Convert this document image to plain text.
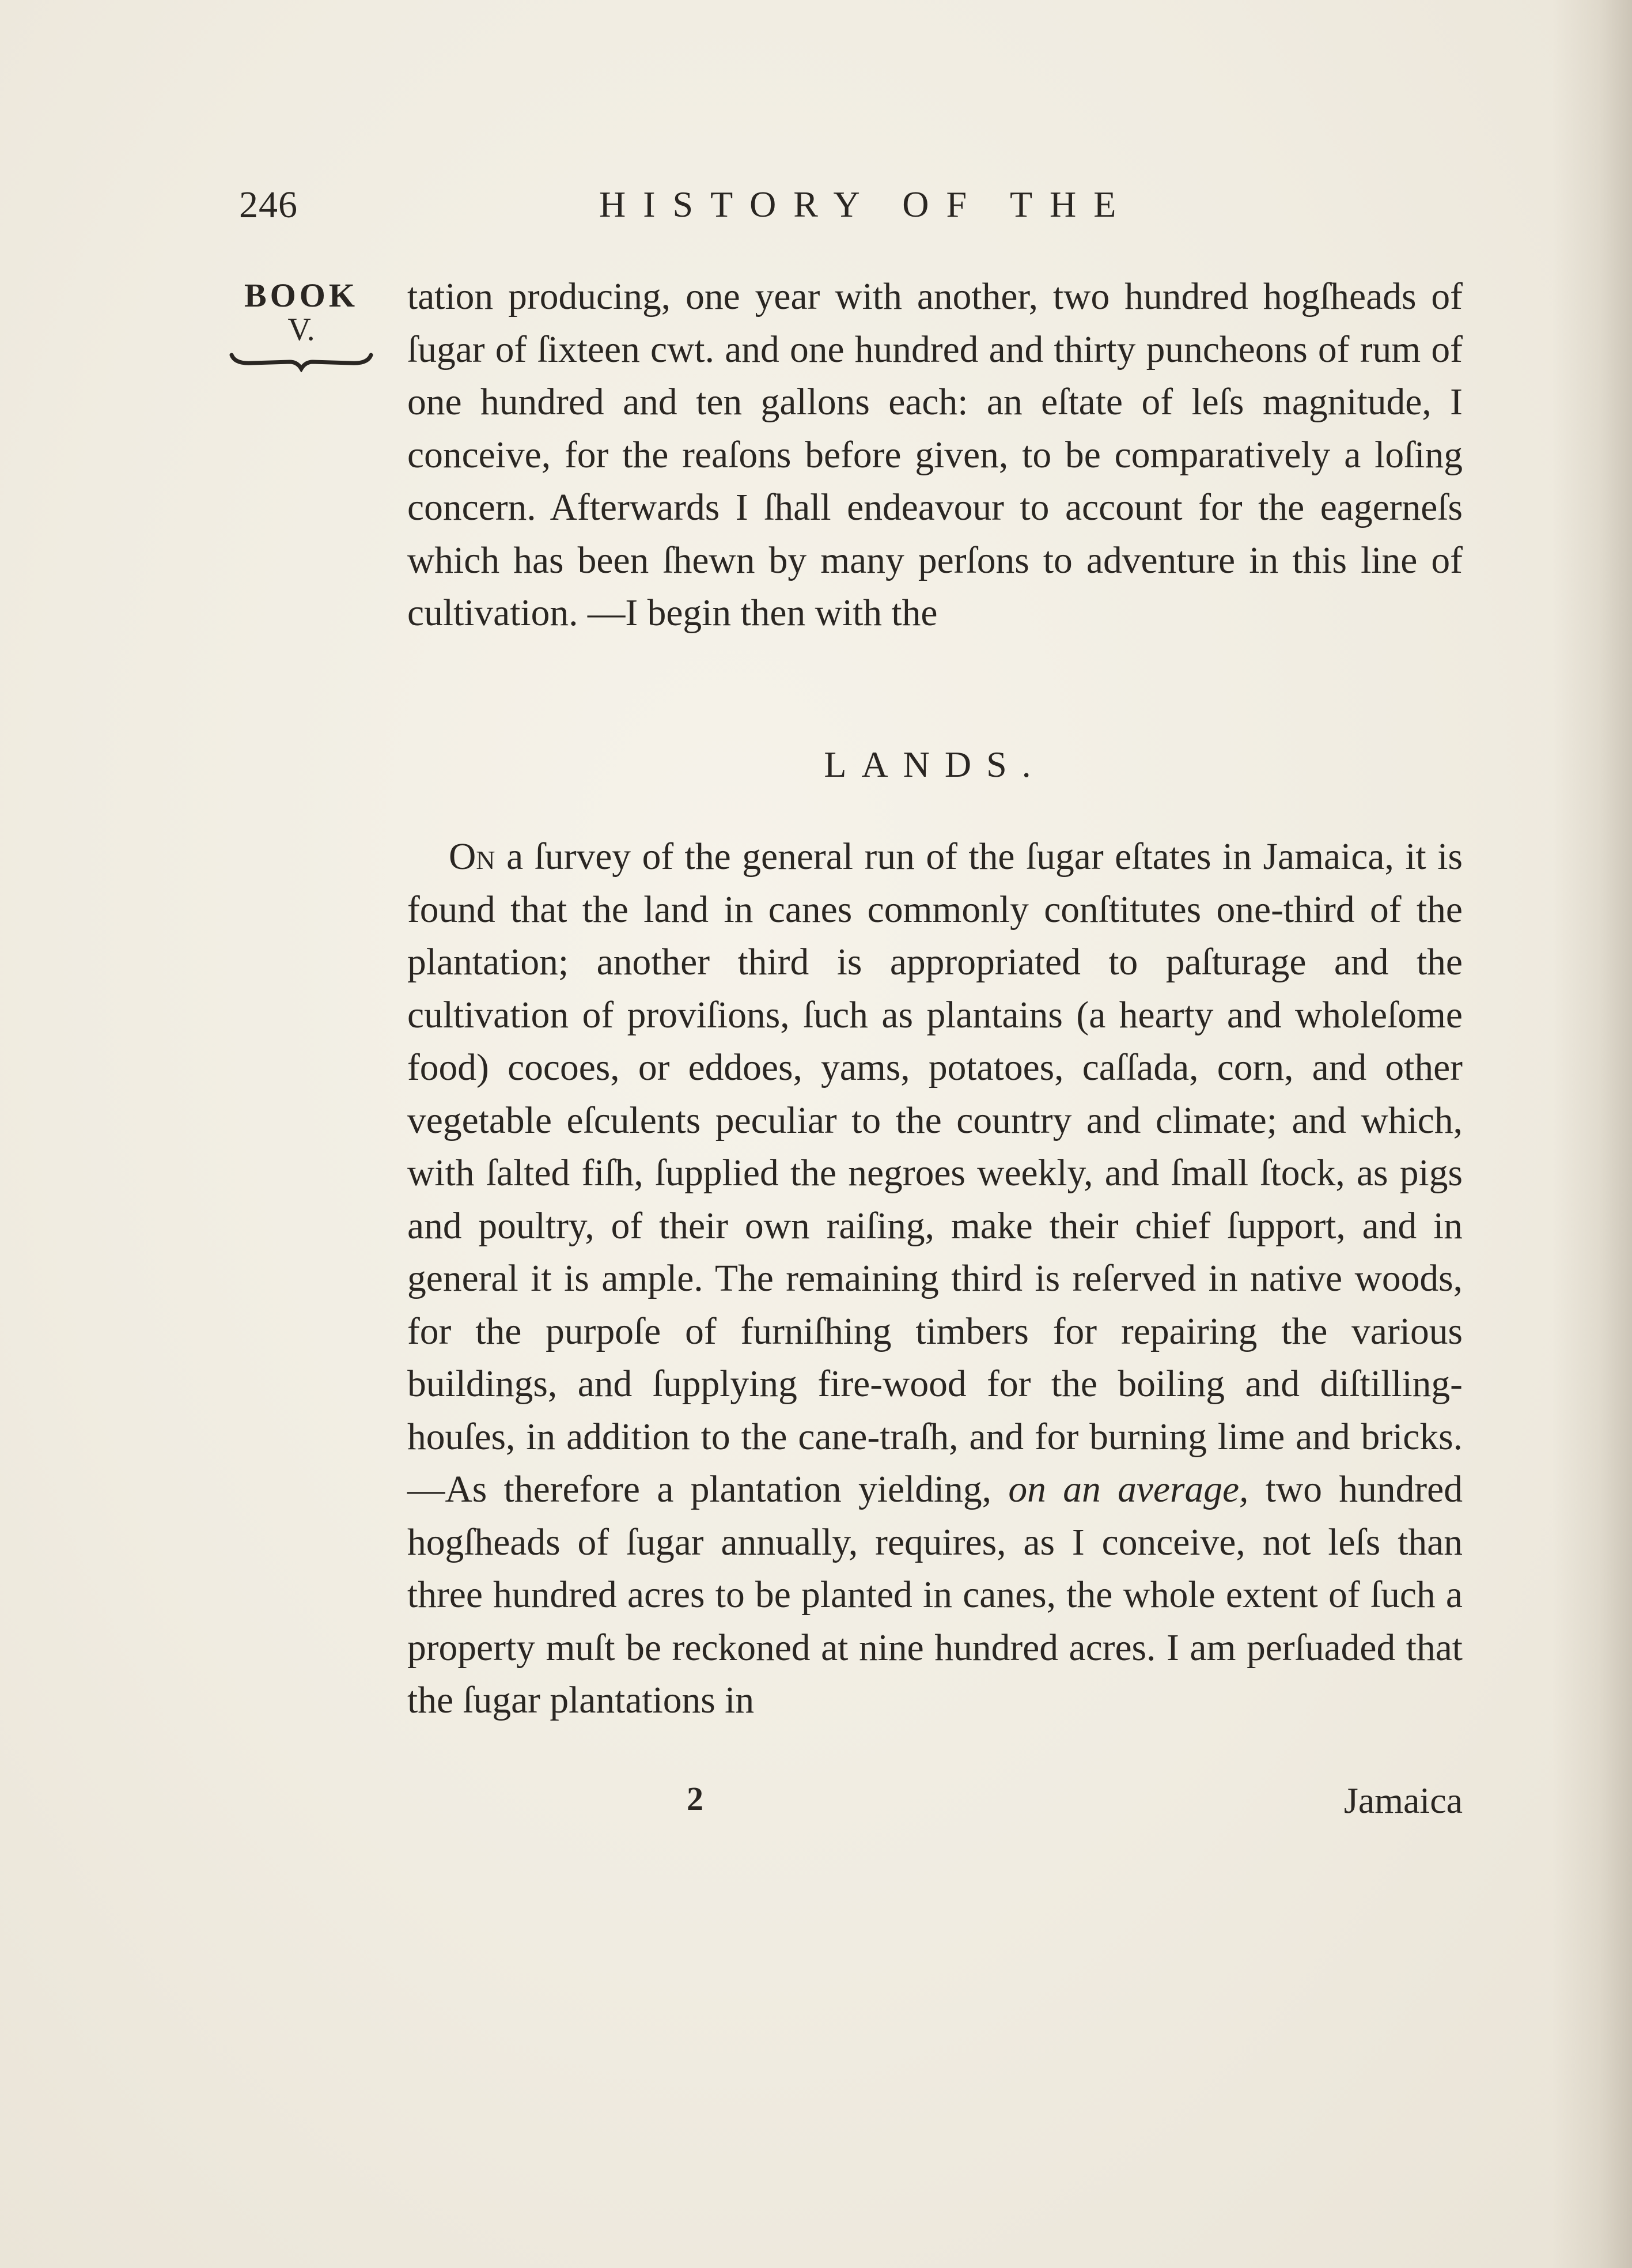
246	HISTORY OF THE
BOOK
V.
tation producing, one year with another, two hundred hogſheads of ſugar of ſixteen cwt. and one hundred and thirty puncheons of rum of one hundred and ten gallons each: an eſtate of leſs magnitude, I conceive, for the reaſons before given, to be comparatively a loſing concern. Afterwards I ſhall endeavour to account for the eagerneſs which has been ſhewn by many perſons to adventure in this line of cultivation. —I begin then with the
LANDS.
On a ſurvey of the general run of the ſugar eſtates in Jamaica, it is found that the land in canes commonly conſtitutes one-third of the plantation; another third is appropriated to paſturage and the cultivation of proviſions, ſuch as plantains (a hearty and wholeſome food) cocoes, or eddoes, yams, potatoes, caſſada, corn, and other vegetable eſculents peculiar to the country and climate; and which, with ſalted fiſh, ſupplied the negroes weekly, and ſmall ſtock, as pigs and poultry, of their own raiſing, make their chief ſupport, and in general it is ample. The remaining third is reſerved in native woods, for the purpoſe of furniſhing timbers for repairing the various buildings, and ſupplying fire-wood for the boiling and diſtilling-houſes, in addition to the cane-traſh, and for burning lime and bricks.—As therefore a plantation yielding, on an average, two hundred hogſheads of ſugar annually, requires, as I conceive, not leſs than three hundred acres to be planted in canes, the whole extent of ſuch a property muſt be reckoned at nine hundred acres. I am perſuaded that the ſugar plantations in
2	Jamaica
